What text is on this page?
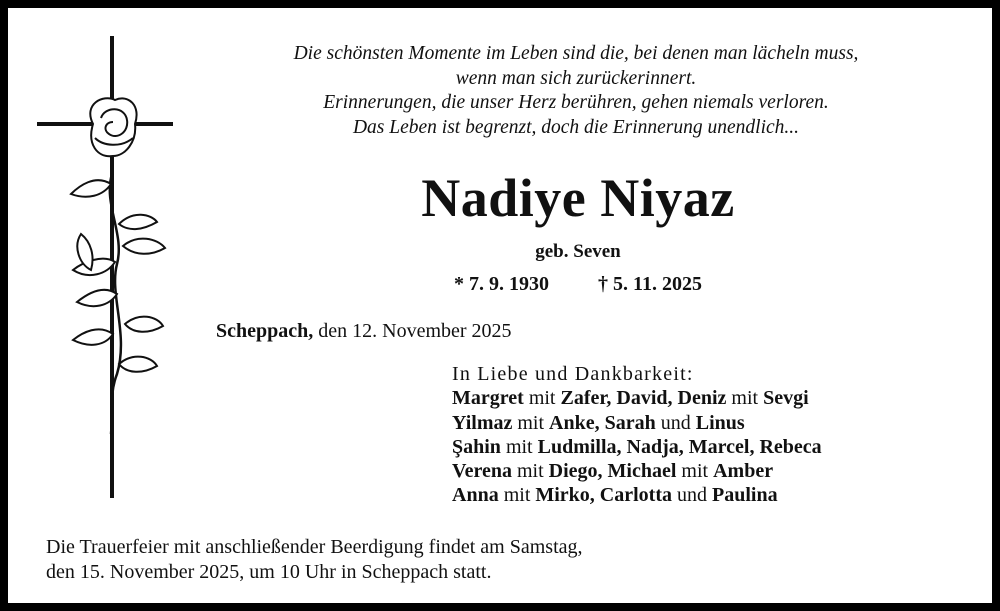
Die schönsten Momente im Leben sind die, bei denen man lächeln muss,
wenn man sich zurückerinnert.
Erinnerungen, die unser Herz berühren, gehen niemals verloren.
Das Leben ist begrenzt, doch die Erinnerung unendlich...
Nadiye Niyaz
geb. Seven
* 7. 9. 1930 † 5. 11. 2025
Scheppach, den 12. November 2025
In Liebe und Dankbarkeit:
Margret mit Zafer, David, Deniz mit Sevgi
Yilmaz mit Anke, Sarah und Linus
Şahin mit Ludmilla, Nadja, Marcel, Rebeca
Verena mit Diego, Michael mit Amber
Anna mit Mirko, Carlotta und Paulina
Die Trauerfeier mit anschließender Beerdigung findet am Samstag,
den 15. November 2025, um 10 Uhr in Scheppach statt.
